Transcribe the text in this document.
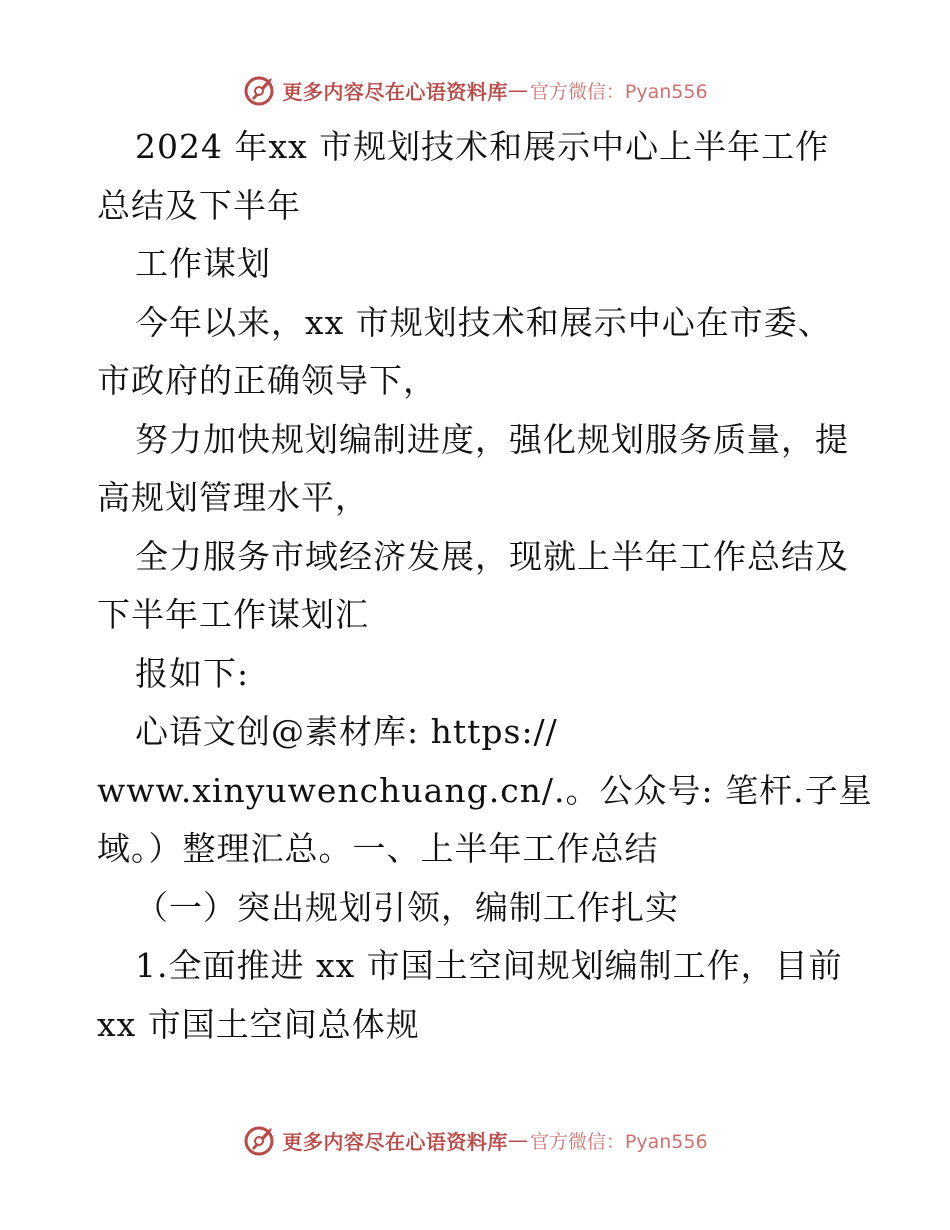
更多内容尽在心语资料库 — 官方微信：Pyan556
2024 年xx 市规划技术和展示中心上半年工作
总结及下半年
工作谋划
今年以来，xx 市规划技术和展示中心在市委、
市政府的正确领导下，
努力加快规划编制进度，强化规划服务质量，提
高规划管理水平，
全力服务市域经济发展，现就上半年工作总结及
下半年工作谋划汇
报如下:
心语文创@素材库: https://
www.xinyuwenchuang.cn/.。公众号: 笔杆.子星
域。）整理汇总。一、上半年工作总结
（一）突出规划引领，编制工作扎实
1.全面推进 xx 市国土空间规划编制工作，目前
xx 市国土空间总体规
更多内容尽在心语资料库 — 官方微信：Pyan556
